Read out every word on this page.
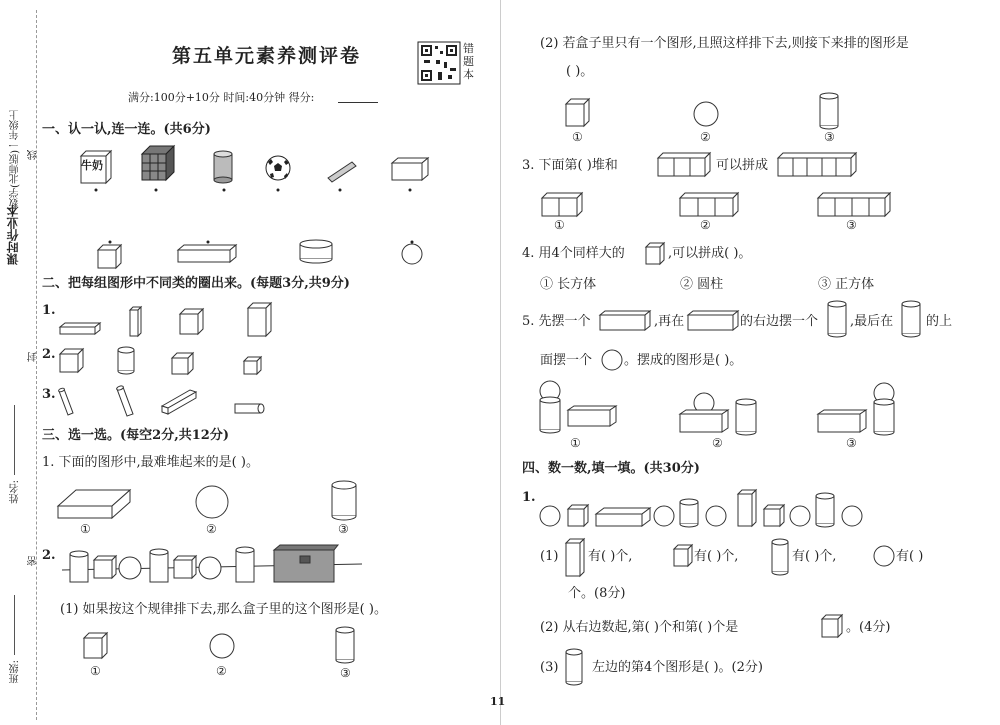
课时作业本
数学(北师版)一年级上 线
封
密
班级:
姓名:
第五单元素养测评卷
满分:100分+10分 时间:40分钟 得分:
错题本
一、认一认,连一连。(共6分)
牛奶
二、把每组图形中不同类的圈出来。(每题3分,共9分)
1.
2.
3.
三、选一选。(每空2分,共12分)
1. 下面的图形中,最难堆起来的是( )。
①	②	③
2.
(1) 如果按这个规律排下去,那么盒子里的这个图形是( )。
①	②	③
(2) 若盒子里只有一个图形,且照这样排下去,则接下来排的图形是
( )。
①	②	③
3. 下面第( )堆和	可以拼成
①	②	③
4. 用4个同样大的	,可以拼成( )。
① 长方体	② 圆柱	③ 正方体
5. 先摆一个	,再在	的右边摆一个 ,最后在	的上
面摆一个 。摆成的图形是( )。
①	②	③
四、数一数,填一填。(共30分)
1.
(1) 有( )个,	有( )个,	有( )个,	有( )
个。(8分)
(2) 从右边数起,第( )个和第( )个是	。(4分)
(3)	左边的第4个图形是( )。(2分)
11
